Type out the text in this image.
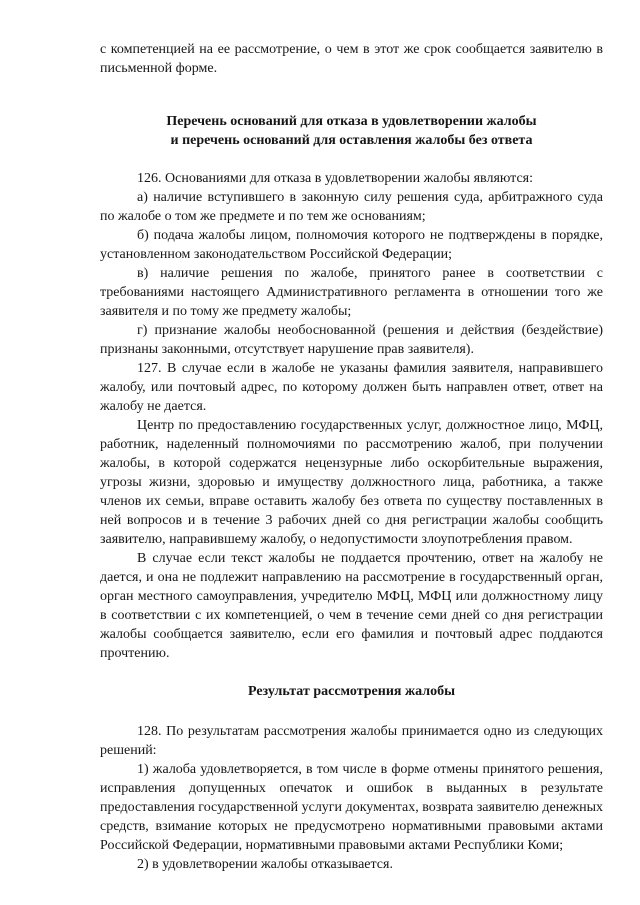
с компетенцией на ее рассмотрение, о чем в этот же срок сообщается заявителю в письменной форме.

Перечень оснований для отказа в удовлетворении жалобы
и перечень оснований для оставления жалобы без ответа

126. Основаниями для отказа в удовлетворении жалобы являются:

а) наличие вступившего в законную силу решения суда, арбитражного суда по жалобе о том же предмете и по тем же основаниям;

б) подача жалобы лицом, полномочия которого не подтверждены в порядке, установленном законодательством Российской Федерации;

в) наличие решения по жалобе, принятого ранее в соответствии с требованиями настоящего Административного регламента в отношении того же заявителя и по тому же предмету жалобы;

г) признание жалобы необоснованной (решения и действия (бездействие) признаны законными, отсутствует нарушение прав заявителя).

127. В случае если в жалобе не указаны фамилия заявителя, направившего жалобу, или почтовый адрес, по которому должен быть направлен ответ, ответ на жалобу не дается.

Центр по предоставлению государственных услуг, должностное лицо, МФЦ, работник, наделенный полномочиями по рассмотрению жалоб, при получении жалобы, в которой содержатся нецензурные либо оскорбительные выражения, угрозы жизни, здоровью и имуществу должностного лица, работника, а также членов их семьи, вправе оставить жалобу без ответа по существу поставленных в ней вопросов и в течение 3 рабочих дней со дня регистрации жалобы сообщить заявителю, направившему жалобу, о недопустимости злоупотребления правом.

В случае если текст жалобы не поддается прочтению, ответ на жалобу не дается, и она не подлежит направлению на рассмотрение в государственный орган, орган местного самоуправления, учредителю МФЦ, МФЦ или должностному лицу в соответствии с их компетенцией, о чем в течение семи дней со дня регистрации жалобы сообщается заявителю, если его фамилия и почтовый адрес поддаются прочтению.

Результат рассмотрения жалобы

128. По результатам рассмотрения жалобы принимается одно из следующих решений:

1) жалоба удовлетворяется, в том числе в форме отмены принятого решения, исправления допущенных опечаток и ошибок в выданных в результате предоставления государственной услуги документах, возврата заявителю денежных средств, взимание которых не предусмотрено нормативными правовыми актами Российской Федерации, нормативными правовыми актами Республики Коми;

2) в удовлетворении жалобы отказывается.
